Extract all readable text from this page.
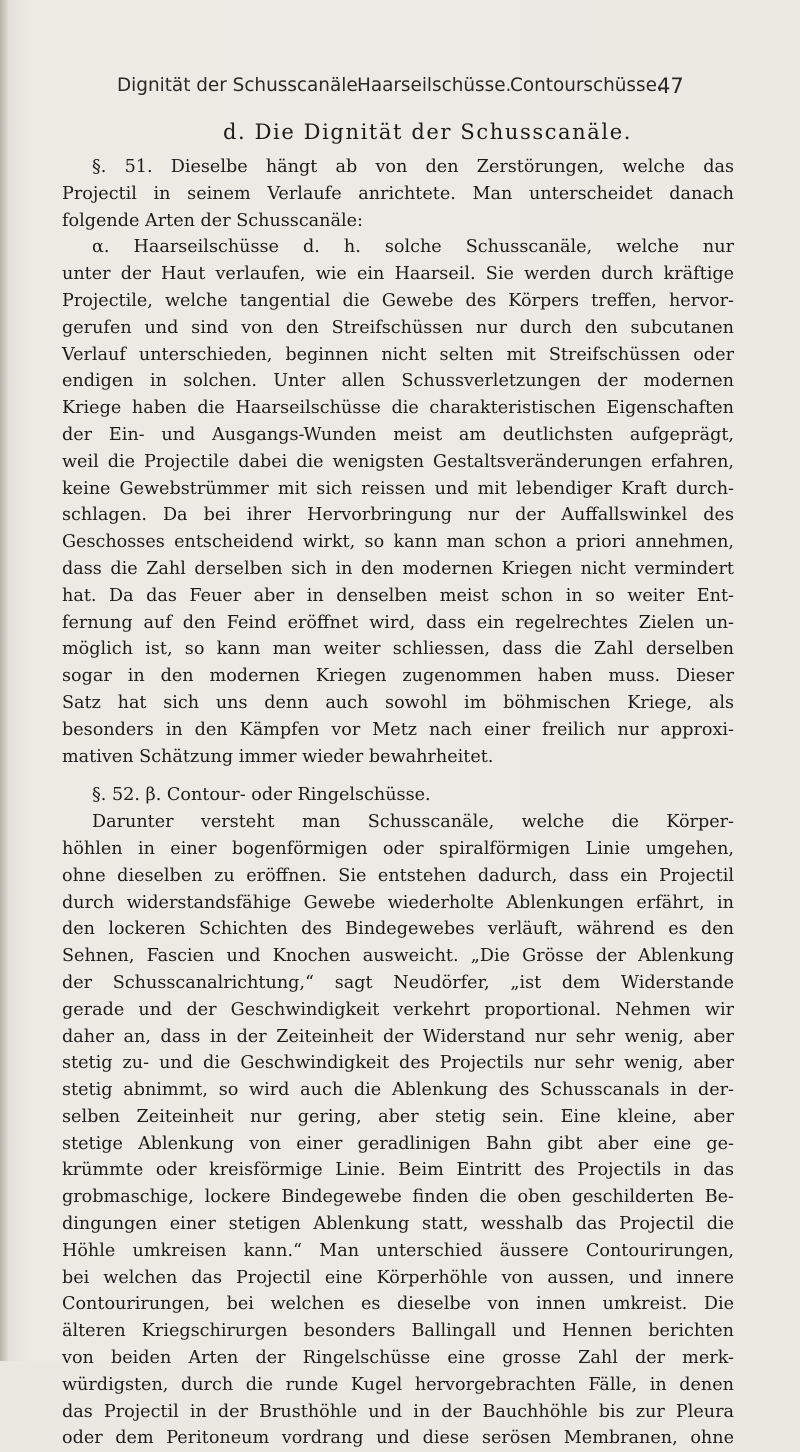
Dignität der Schusscanäle.
Haarseilschüsse.
Contourschüsse.
47
d. Die Dignität der Schusscanäle.
§. 51. Dieselbe hängt ab von den Zerstörungen, welche das
Projectil in seinem Verlaufe anrichtete. Man unterscheidet danach
folgende Arten der Schusscanäle:
α. Haarseilschüsse d. h. solche Schusscanäle, welche nur
unter der Haut verlaufen, wie ein Haarseil. Sie werden durch kräftige
Projectile, welche tangential die Gewebe des Körpers treffen, hervor-
gerufen und sind von den Streifschüssen nur durch den subcutanen
Verlauf unterschieden, beginnen nicht selten mit Streifschüssen oder
endigen in solchen. Unter allen Schussverletzungen der modernen
Kriege haben die Haarseilschüsse die charakteristischen Eigenschaften
der Ein- und Ausgangs-Wunden meist am deutlichsten aufgeprägt,
weil die Projectile dabei die wenigsten Gestaltsveränderungen erfahren,
keine Gewebstrümmer mit sich reissen und mit lebendiger Kraft durch-
schlagen. Da bei ihrer Hervorbringung nur der Auffallswinkel des
Geschosses entscheidend wirkt, so kann man schon a priori annehmen,
dass die Zahl derselben sich in den modernen Kriegen nicht vermindert
hat. Da das Feuer aber in denselben meist schon in so weiter Ent-
fernung auf den Feind eröffnet wird, dass ein regelrechtes Zielen un-
möglich ist, so kann man weiter schliessen, dass die Zahl derselben
sogar in den modernen Kriegen zugenommen haben muss. Dieser
Satz hat sich uns denn auch sowohl im böhmischen Kriege, als
besonders in den Kämpfen vor Metz nach einer freilich nur approxi-
mativen Schätzung immer wieder bewahrheitet.
§. 52. β. Contour- oder Ringelschüsse.
Darunter versteht man Schusscanäle, welche die Körper-
höhlen in einer bogenförmigen oder spiralförmigen Linie umgehen,
ohne dieselben zu eröffnen. Sie entstehen dadurch, dass ein Projectil
durch widerstandsfähige Gewebe wiederholte Ablenkungen erfährt, in
den lockeren Schichten des Bindegewebes verläuft, während es den
Sehnen, Fascien und Knochen ausweicht. „Die Grösse der Ablenkung
der Schusscanalrichtung,“ sagt Neudörfer, „ist dem Widerstande
gerade und der Geschwindigkeit verkehrt proportional. Nehmen wir
daher an, dass in der Zeiteinheit der Widerstand nur sehr wenig, aber
stetig zu- und die Geschwindigkeit des Projectils nur sehr wenig, aber
stetig abnimmt, so wird auch die Ablenkung des Schusscanals in der-
selben Zeiteinheit nur gering, aber stetig sein. Eine kleine, aber
stetige Ablenkung von einer geradlinigen Bahn gibt aber eine ge-
krümmte oder kreisförmige Linie. Beim Eintritt des Projectils in das
grobmaschige, lockere Bindegewebe finden die oben geschilderten Be-
dingungen einer stetigen Ablenkung statt, wesshalb das Projectil die
Höhle umkreisen kann.“ Man unterschied äussere Contourirungen,
bei welchen das Projectil eine Körperhöhle von aussen, und innere
Contourirungen, bei welchen es dieselbe von innen umkreist. Die
älteren Kriegschirurgen besonders Ballingall und Hennen berichten
von beiden Arten der Ringelschüsse eine grosse Zahl der merk-
würdigsten, durch die runde Kugel hervorgebrachten Fälle, in denen
das Projectil in der Brusthöhle und in der Bauchhöhle bis zur Pleura
oder dem Peritoneum vordrang und diese serösen Membranen, ohne
